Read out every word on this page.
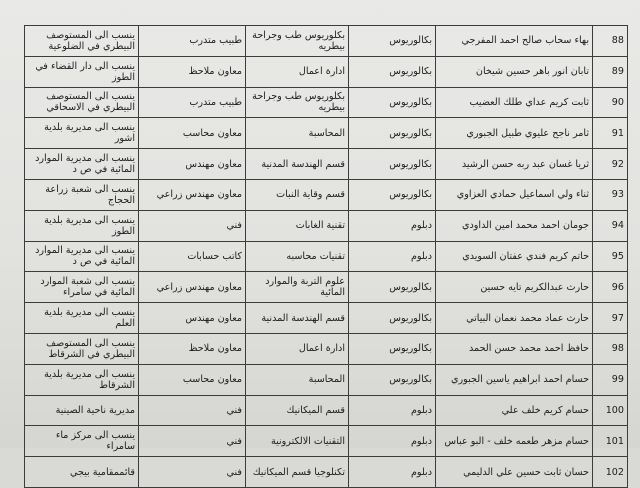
88	بهاء سحاب صالح احمد المفرجي	بكالوريوس	بكلوريوس طب وجراحة بيطريه	طبيب متدرب	ينسب الى المستوصف البيطري في الضلوعية
89	تابان انور باهر حسين شيخان	بكالوريوس	ادارة اعمال	معاون ملاحظ	ينسب الى دار القضاء في الطوز
90	ثابت كريم عداي طلك العضيب	بكالوريوس	بكلوريوس طب وجراحة بيطريه	طبيب متدرب	ينسب الى المستوصف البيطري في الاسحاقي
91	ثامر ناجح عليوي طبيل الجبوري	بكالوريوس	المحاسبة	معاون محاسب	ينسب الى مديرية بلدية اشور
92	ثريا غسان عبد ربه حسن الرشيد	بكالوريوس	قسم الهندسة المدنية	معاون مهندس	ينسب الى مديرية الموارد المائية في ص د
93	ثناء ولي اسماعيل حمادي العزاوي	بكالوريوس	قسم وقاية النبات	معاون مهندس زراعي	ينسب الى شعبة زراعة الحجاج
94	جومان احمد محمد امين الداودي	دبلوم	تقنية الغابات	فني	ينسب الى مديرية بلدية الطوز
95	حاتم كريم فندي عفتان السويدي	دبلوم	تقنيات محاسبه	كاتب حسابات	ينسب الى مديرية الموارد المائية في ص د
96	حارث عبدالكريم تايه حسين	بكالوريوس	علوم التربة والموارد المائية	معاون مهندس زراعي	ينسب الى شعبة الموارد المائية في سامراء
97	حارث عماد محمد نعمان البياتي	بكالوريوس	قسم الهندسة المدنية	معاون مهندس	ينسب الى مديرية بلدية العلم
98	حافظ احمد محمد حسن الحمد	بكالوريوس	ادارة اعمال	معاون ملاحظ	ينسب الى المستوصف البيطري في الشرقاط
99	حسام احمد ابراهيم ياسين الجبوري	بكالوريوس	المحاسبة	معاون محاسب	ينسب الى مديرية بلدية الشرقاط
100	حسام كريم خلف علي	دبلوم	قسم الميكانيك	فني	مديرية ناحية الصينية
101	حسام مزهر طعمه خلف - البو عباس	دبلوم	التقنيات الالكترونية	فني	ينسب الى مركز ماء سامراء
102	حسان ثابت حسين علي الدليمي	دبلوم	تكنلوجيا قسم الميكانيك	فني	قائممقامية بيجي
